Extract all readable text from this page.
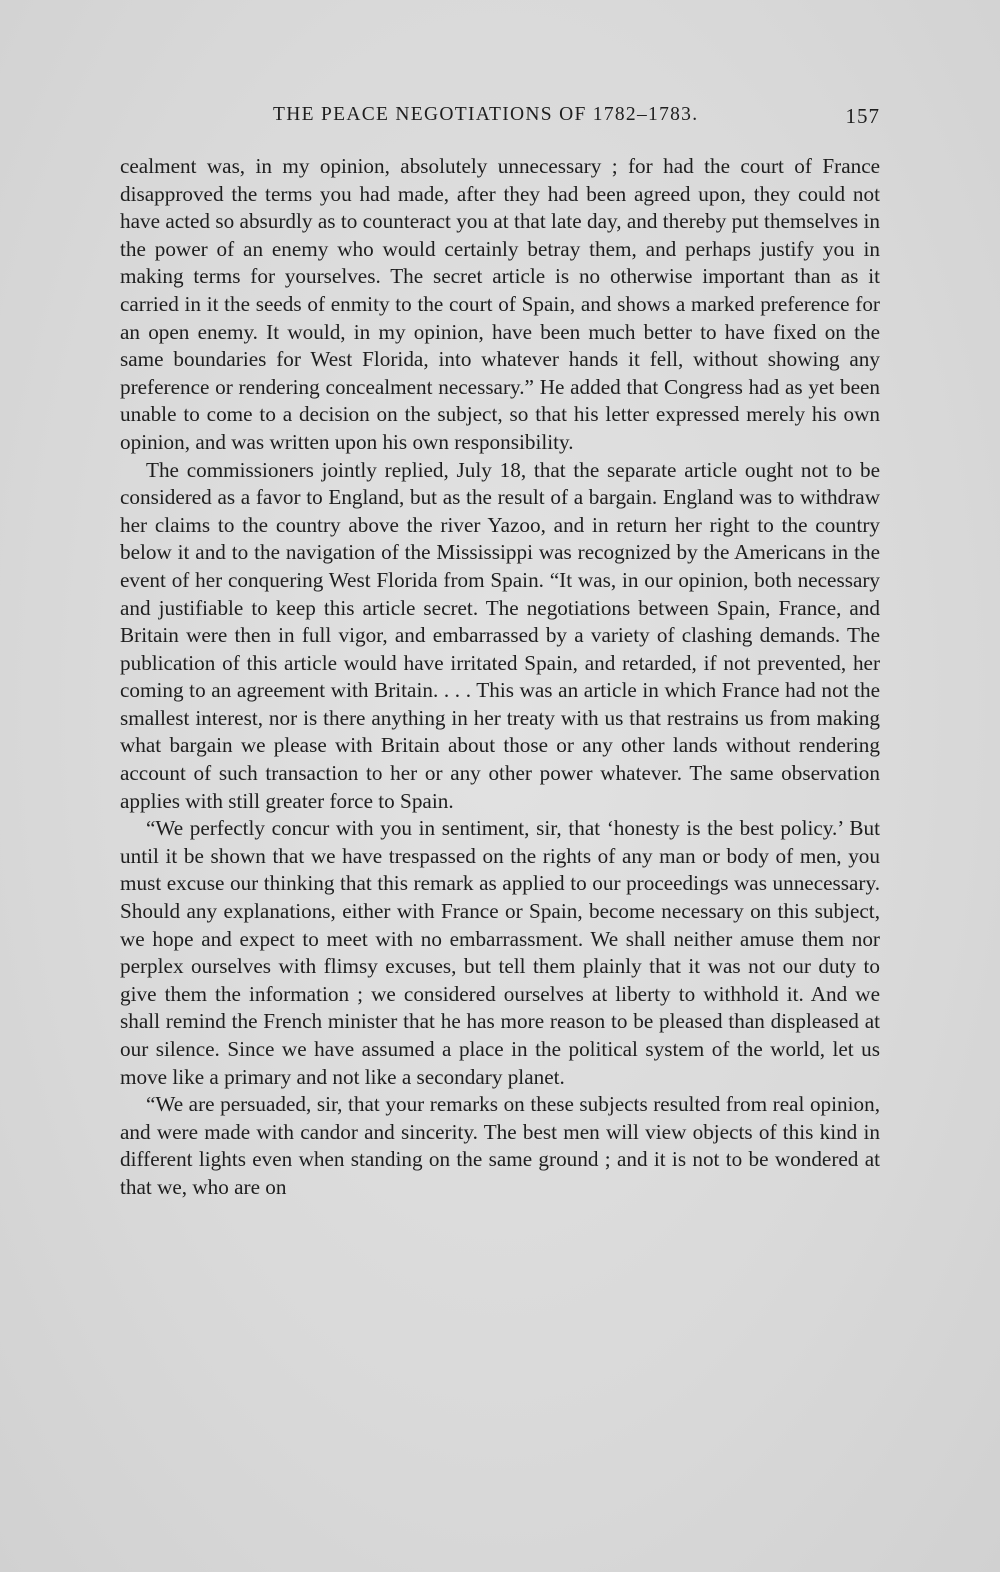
THE PEACE NEGOTIATIONS OF 1782–1783.	157

cealment was, in my opinion, absolutely unnecessary ; for had the court of France disapproved the terms you had made, after they had been agreed upon, they could not have acted so absurdly as to counteract you at that late day, and thereby put themselves in the power of an enemy who would certainly betray them, and perhaps justify you in making terms for yourselves. The secret article is no otherwise important than as it carried in it the seeds of enmity to the court of Spain, and shows a marked preference for an open enemy. It would, in my opinion, have been much better to have fixed on the same boundaries for West Florida, into whatever hands it fell, without showing any preference or rendering concealment necessary.” He added that Congress had as yet been unable to come to a decision on the subject, so that his letter expressed merely his own opinion, and was written upon his own responsibility.

The commissioners jointly replied, July 18, that the separate article ought not to be considered as a favor to England, but as the result of a bargain. England was to withdraw her claims to the country above the river Yazoo, and in return her right to the country below it and to the navigation of the Mississippi was recognized by the Americans in the event of her conquering West Florida from Spain. “It was, in our opinion, both necessary and justifiable to keep this article secret. The negotiations between Spain, France, and Britain were then in full vigor, and embarrassed by a variety of clashing demands. The publication of this article would have irritated Spain, and retarded, if not prevented, her coming to an agreement with Britain. . . . This was an article in which France had not the smallest interest, nor is there anything in her treaty with us that restrains us from making what bargain we please with Britain about those or any other lands without rendering account of such transaction to her or any other power whatever. The same observation applies with still greater force to Spain.

“We perfectly concur with you in sentiment, sir, that ‘honesty is the best policy.’ But until it be shown that we have trespassed on the rights of any man or body of men, you must excuse our thinking that this remark as applied to our proceedings was unnecessary. Should any explanations, either with France or Spain, become necessary on this subject, we hope and expect to meet with no embarrassment. We shall neither amuse them nor perplex ourselves with flimsy excuses, but tell them plainly that it was not our duty to give them the information ; we considered ourselves at liberty to withhold it. And we shall remind the French minister that he has more reason to be pleased than displeased at our silence. Since we have assumed a place in the political system of the world, let us move like a primary and not like a secondary planet.

“We are persuaded, sir, that your remarks on these subjects resulted from real opinion, and were made with candor and sincerity. The best men will view objects of this kind in different lights even when standing on the same ground ; and it is not to be wondered at that we, who are on
